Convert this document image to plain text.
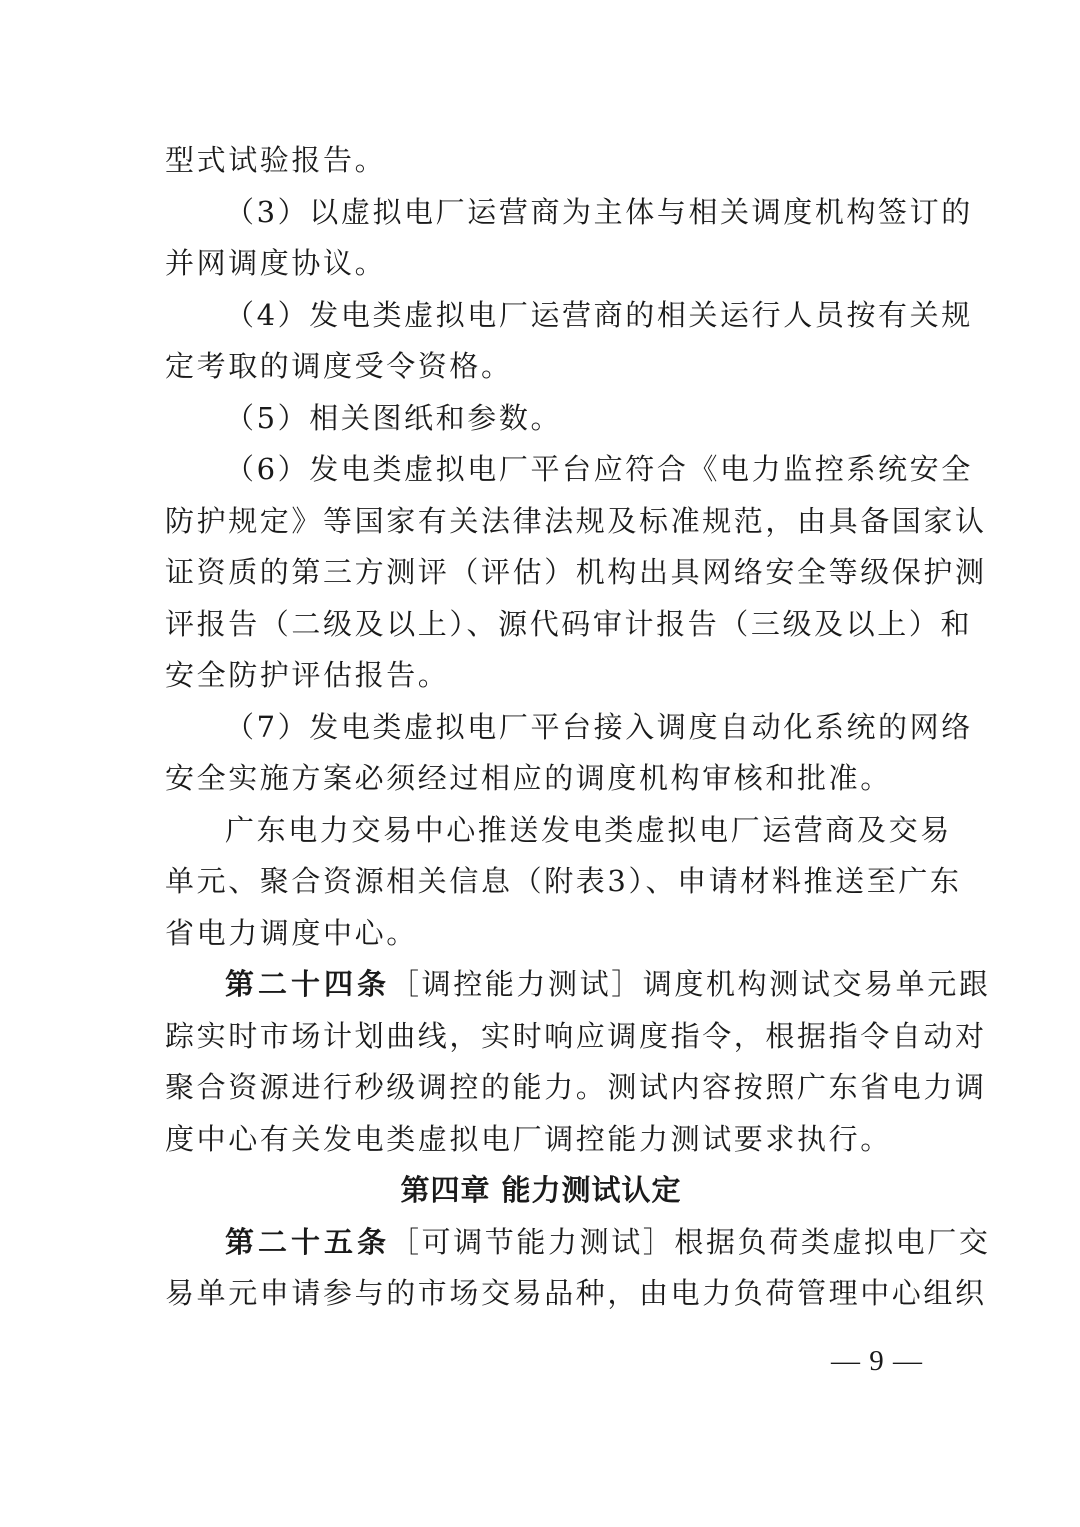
型式试验报告。
（3）以虚拟电厂运营商为主体与相关调度机构签订的
并网调度协议。
（4）发电类虚拟电厂运营商的相关运行人员按有关规
定考取的调度受令资格。
（5）相关图纸和参数。
（6）发电类虚拟电厂平台应符合《电力监控系统安全
防护规定》等国家有关法律法规及标准规范，由具备国家认
证资质的第三方测评（评估）机构出具网络安全等级保护测
评报告（二级及以上）、源代码审计报告（三级及以上）和
安全防护评估报告。
（7）发电类虚拟电厂平台接入调度自动化系统的网络
安全实施方案必须经过相应的调度机构审核和批准。
广东电力交易中心推送发电类虚拟电厂运营商及交易
单元、聚合资源相关信息（附表3）、申请材料推送至广东
省电力调度中心。
第二十四条［调控能力测试］调度机构测试交易单元跟
踪实时市场计划曲线，实时响应调度指令，根据指令自动对
聚合资源进行秒级调控的能力。测试内容按照广东省电力调
度中心有关发电类虚拟电厂调控能力测试要求执行。
第四章 能力测试认定
第二十五条［可调节能力测试］根据负荷类虚拟电厂交
易单元申请参与的市场交易品种，由电力负荷管理中心组织
— 9 —
